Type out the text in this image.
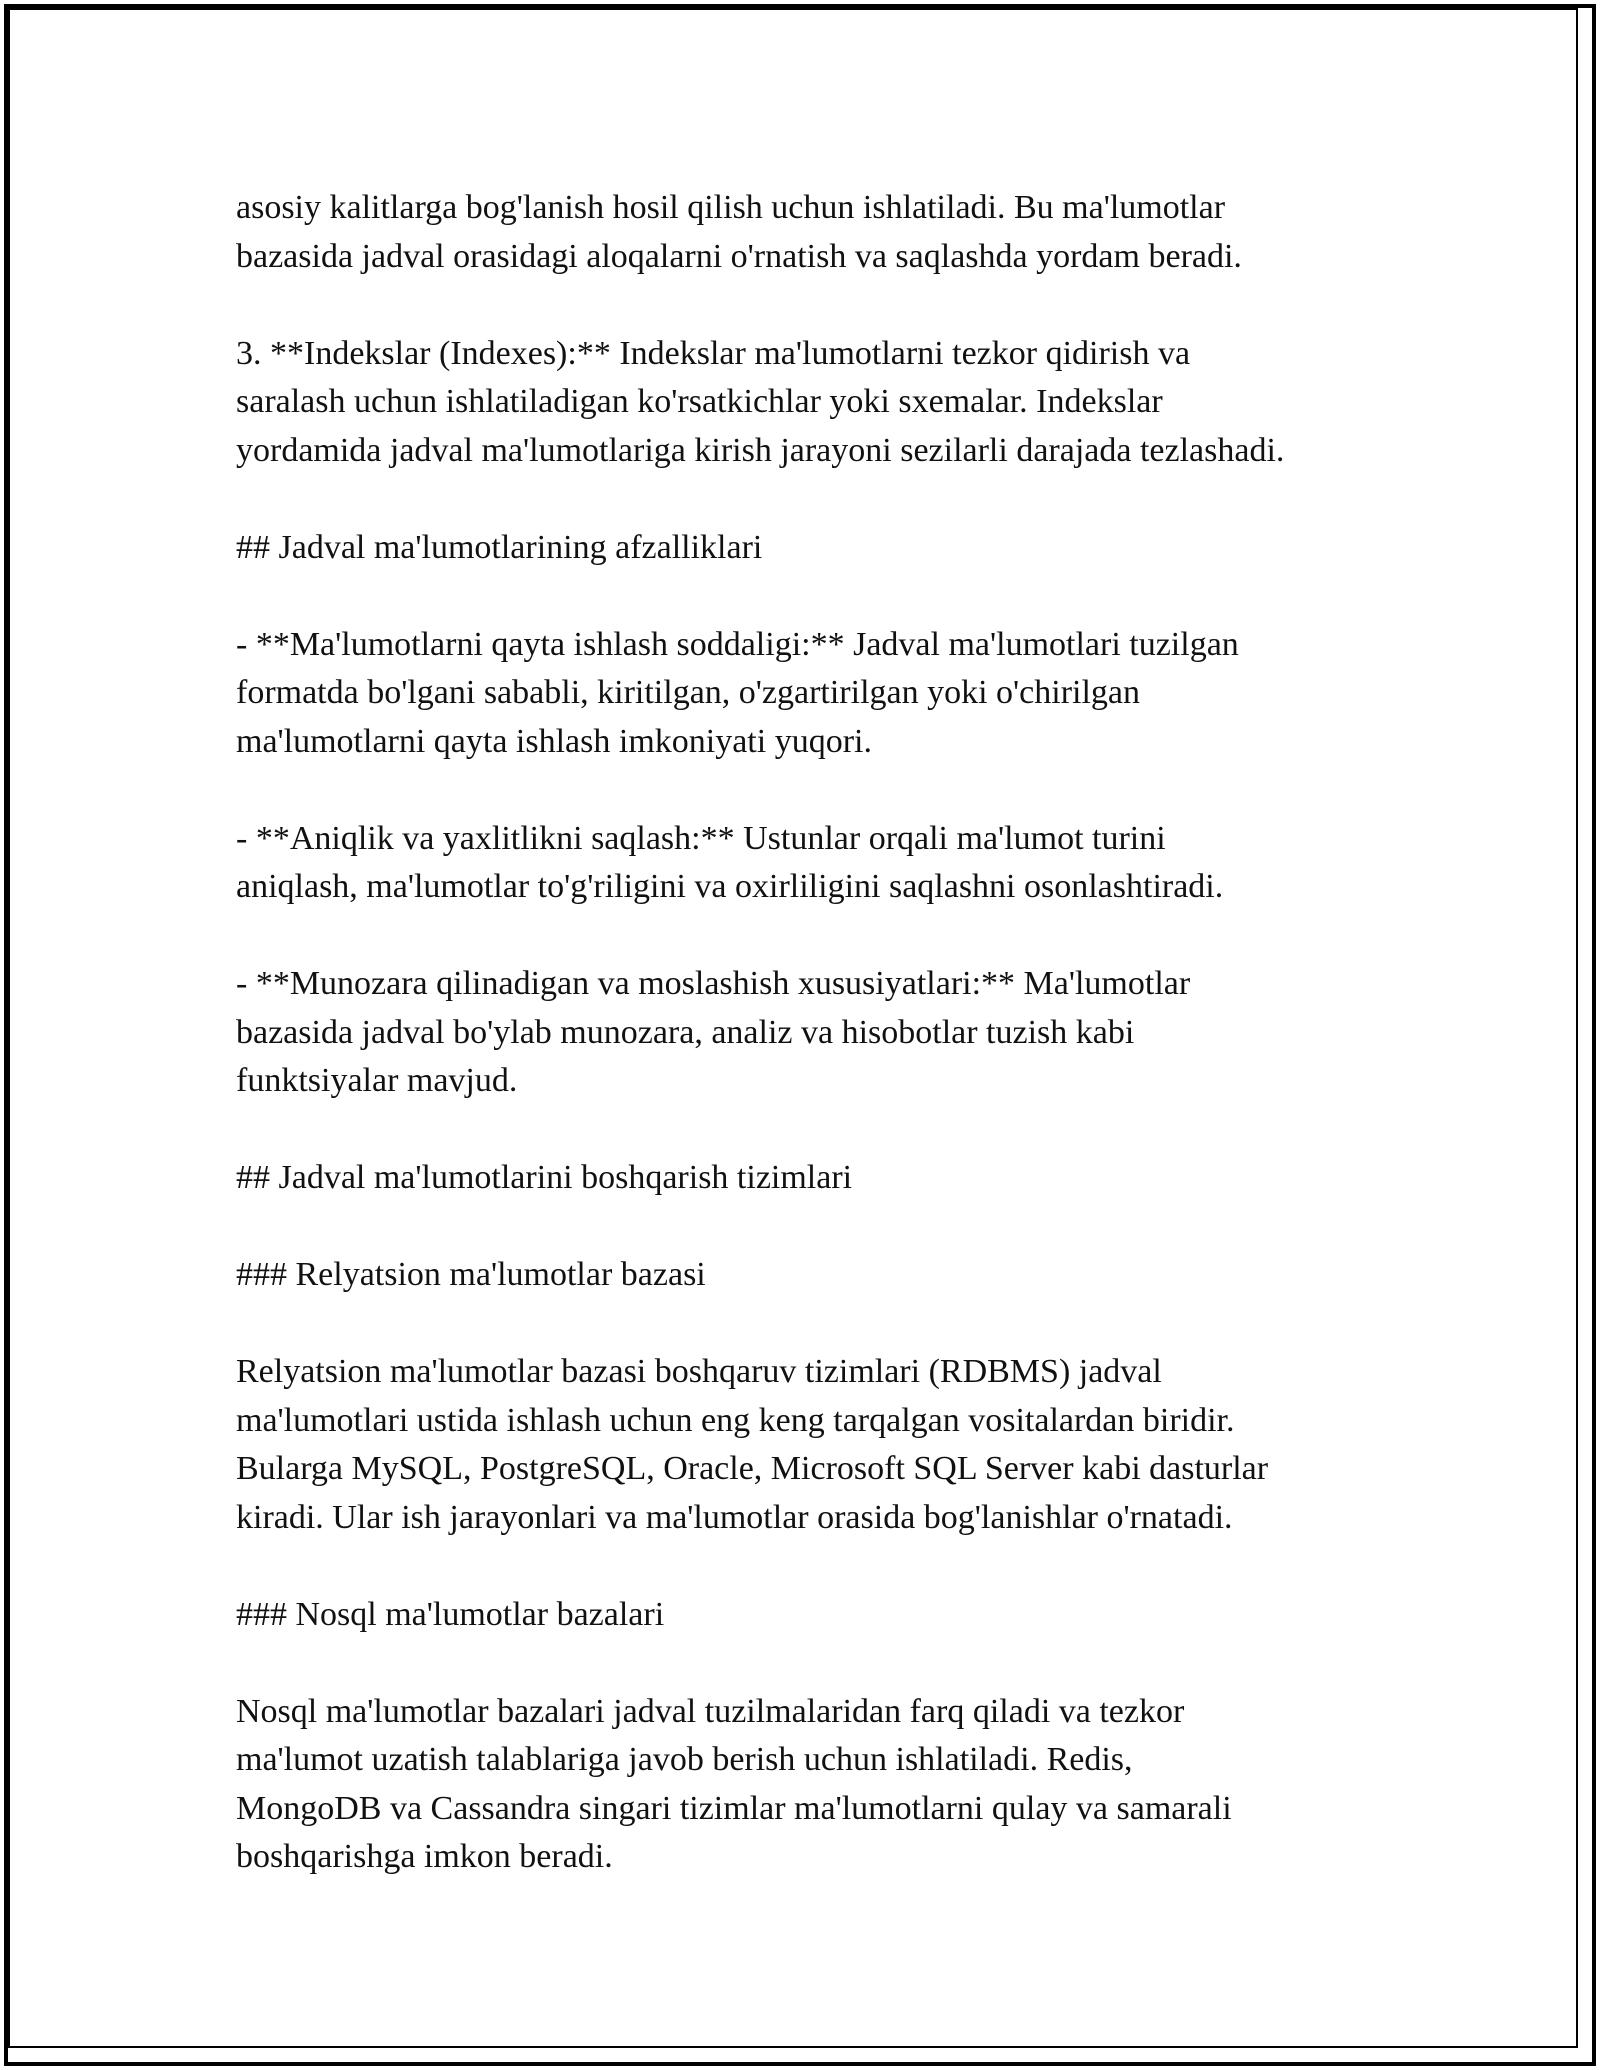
asosiy kalitlarga bog'lanish hosil qilish uchun ishlatiladi. Bu ma'lumotlar
bazasida jadval orasidagi aloqalarni o'rnatish va saqlashda yordam beradi.

3. **Indekslar (Indexes):** Indekslar ma'lumotlarni tezkor qidirish va
saralash uchun ishlatiladigan ko'rsatkichlar yoki sxemalar. Indekslar
yordamida jadval ma'lumotlariga kirish jarayoni sezilarli darajada tezlashadi.

## Jadval ma'lumotlarining afzalliklari

- **Ma'lumotlarni qayta ishlash soddaligi:** Jadval ma'lumotlari tuzilgan
formatda bo'lgani sababli, kiritilgan, o'zgartirilgan yoki o'chirilgan
ma'lumotlarni qayta ishlash imkoniyati yuqori.

- **Aniqlik va yaxlitlikni saqlash:** Ustunlar orqali ma'lumot turini
aniqlash, ma'lumotlar to'g'riligini va oxirliligini saqlashni osonlashtiradi.

- **Munozara qilinadigan va moslashish xususiyatlari:** Ma'lumotlar
bazasida jadval bo'ylab munozara, analiz va hisobotlar tuzish kabi
funktsiyalar mavjud.

## Jadval ma'lumotlarini boshqarish tizimlari

### Relyatsion ma'lumotlar bazasi

Relyatsion ma'lumotlar bazasi boshqaruv tizimlari (RDBMS) jadval
ma'lumotlari ustida ishlash uchun eng keng tarqalgan vositalardan biridir.
Bularga MySQL, PostgreSQL, Oracle, Microsoft SQL Server kabi dasturlar
kiradi. Ular ish jarayonlari va ma'lumotlar orasida bog'lanishlar o'rnatadi.

### Nosql ma'lumotlar bazalari

Nosql ma'lumotlar bazalari jadval tuzilmalaridan farq qiladi va tezkor
ma'lumot uzatish talablariga javob berish uchun ishlatiladi. Redis,
MongoDB va Cassandra singari tizimlar ma'lumotlarni qulay va samarali
boshqarishga imkon beradi.
